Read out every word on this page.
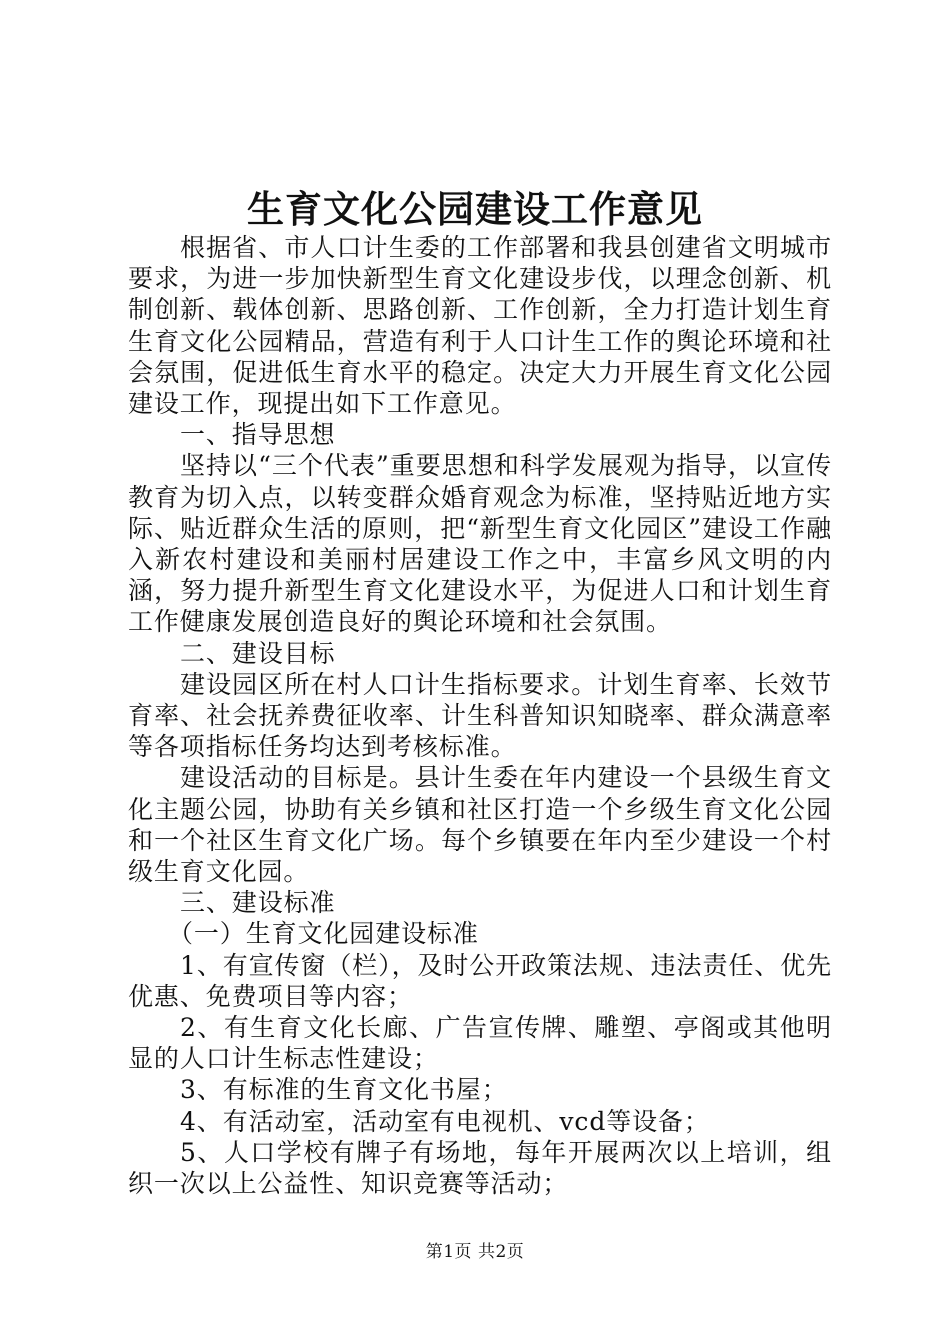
生育文化公园建设工作意见

根据省、市人口计生委的工作部署和我县创建省文明城市要求，为进一步加快新型生育文化建设步伐，以理念创新、机制创新、载体创新、思路创新、工作创新，全力打造计划生育生育文化公园精品，营造有利于人口计生工作的舆论环境和社会氛围，促进低生育水平的稳定。决定大力开展生育文化公园建设工作，现提出如下工作意见。

一、指导思想

坚持以“三个代表”重要思想和科学发展观为指导，以宣传教育为切入点，以转变群众婚育观念为标准，坚持贴近地方实际、贴近群众生活的原则，把“新型生育文化园区”建设工作融入新农村建设和美丽村居建设工作之中，丰富乡风文明的内涵，努力提升新型生育文化建设水平，为促进人口和计划生育工作健康发展创造良好的舆论环境和社会氛围。

二、建设目标

建设园区所在村人口计生指标要求。计划生育率、长效节育率、社会抚养费征收率、计生科普知识知晓率、群众满意率等各项指标任务均达到考核标准。

建设活动的目标是。县计生委在年内建设一个县级生育文化主题公园，协助有关乡镇和社区打造一个乡级生育文化公园和一个社区生育文化广场。每个乡镇要在年内至少建设一个村级生育文化园。

三、建设标准

（一）生育文化园建设标准

1、有宣传窗（栏），及时公开政策法规、违法责任、优先优惠、免费项目等内容；

2、有生育文化长廊、广告宣传牌、雕塑、亭阁或其他明显的人口计生标志性建设；

3、有标准的生育文化书屋；

4、有活动室，活动室有电视机、vcd等设备；

5、人口学校有牌子有场地，每年开展两次以上培训，组织一次以上公益性、知识竞赛等活动；

第1页 共2页
